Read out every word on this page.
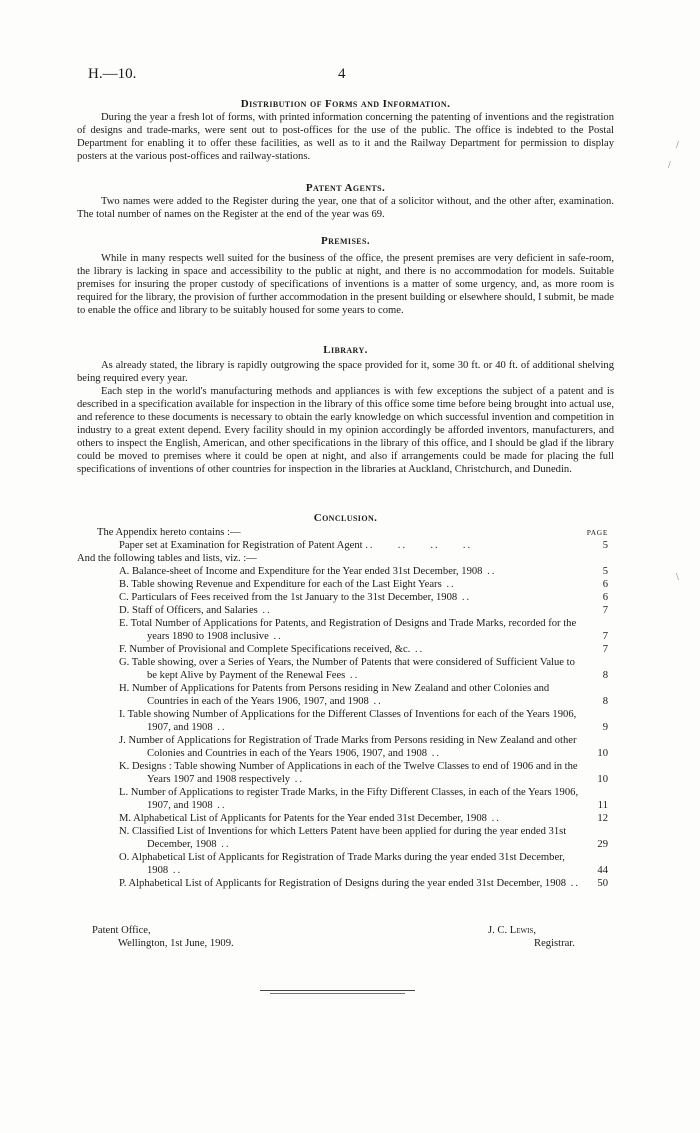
H.—10.	4
Distribution of Forms and Information.

During the year a fresh lot of forms, with printed information concerning the patenting of inventions and the registration of designs and trade-marks, were sent out to post-offices for the use of the public. The office is indebted to the Postal Department for enabling it to offer these facilities, as well as to it and the Railway Department for permission to display posters at the various post-offices and railway-stations.

Patent Agents.

Two names were added to the Register during the year, one that of a solicitor without, and the other after, examination. The total number of names on the Register at the end of the year was 69.

Premises.

While in many respects well suited for the business of the office, the present premises are very deficient in safe-room, the library is lacking in space and accessibility to the public at night, and there is no accommodation for models. Suitable premises for insuring the proper custody of specifications of inventions is a matter of some urgency, and, as more room is required for the library, the provision of further accommodation in the present building or elsewhere should, I submit, be made to enable the office and library to be suitably housed for some years to come.

Library.

As already stated, the library is rapidly outgrowing the space provided for it, some 30 ft. or 40 ft. of additional shelving being required every year.

Each step in the world's manufacturing methods and appliances is with few exceptions the subject of a patent and is described in a specification available for inspection in the library of this office some time before being brought into actual use, and reference to these documents is necessary to obtain the early knowledge on which successful invention and competition in industry to a great extent depend. Every facility should in my opinion accordingly be afforded inventors, manufacturers, and others to inspect the English, American, and other specifications in the library of this office, and I should be glad if the library could be moved to premises where it could be open at night, and also if arrangements could be made for placing the full specifications of inventions of other countries for inspection in the libraries at Auckland, Christchurch, and Dunedin.

Conclusion.
PAGE
The Appendix hereto contains :—
Paper set at Examination for Registration of Patent Agent ..     ..     ..     ..	5
And the following tables and lists, viz. :—
A. Balance-sheet of Income and Expenditure for the Year ended 31st December, 1908 ..	5
B. Table showing Revenue and Expenditure for each of the Last Eight Years ..	6
C. Particulars of Fees received from the 1st January to the 31st December, 1908 ..	6
D. Staff of Officers, and Salaries ..	7
E. Total Number of Applications for Patents, and Registration of Designs and Trade Marks, recorded for the years 1890 to 1908 inclusive ..	7
F. Number of Provisional and Complete Specifications received, &c. ..	7
G. Table showing, over a Series of Years, the Number of Patents that were considered of Sufficient Value to be kept Alive by Payment of the Renewal Fees ..	8
H. Number of Applications for Patents from Persons residing in New Zealand and other Colonies and Countries in each of the Years 1906, 1907, and 1908 ..	8
I. Table showing Number of Applications for the Different Classes of Inventions for each of the Years 1906, 1907, and 1908 ..	9
J. Number of Applications for Registration of Trade Marks from Persons residing in New Zealand and other Colonies and Countries in each of the Years 1906, 1907, and 1908 ..	10
K. Designs : Table showing Number of Applications in each of the Twelve Classes to end of 1906 and in the Years 1907 and 1908 respectively ..	10
L. Number of Applications to register Trade Marks, in the Fifty Different Classes, in each of the Years 1906, 1907, and 1908 ..	11
M. Alphabetical List of Applicants for Patents for the Year ended 31st December, 1908 ..	12
N. Classified List of Inventions for which Letters Patent have been applied for during the year ended 31st December, 1908 ..	29
O. Alphabetical List of Applicants for Registration of Trade Marks during the year ended 31st December, 1908 ..	44
P. Alphabetical List of Applicants for Registration of Designs during the year ended 31st December, 1908 .. 50
Patent Office,
Wellington, 1st June, 1909.
J. C. Lewis,
Registrar.
/
/
\
